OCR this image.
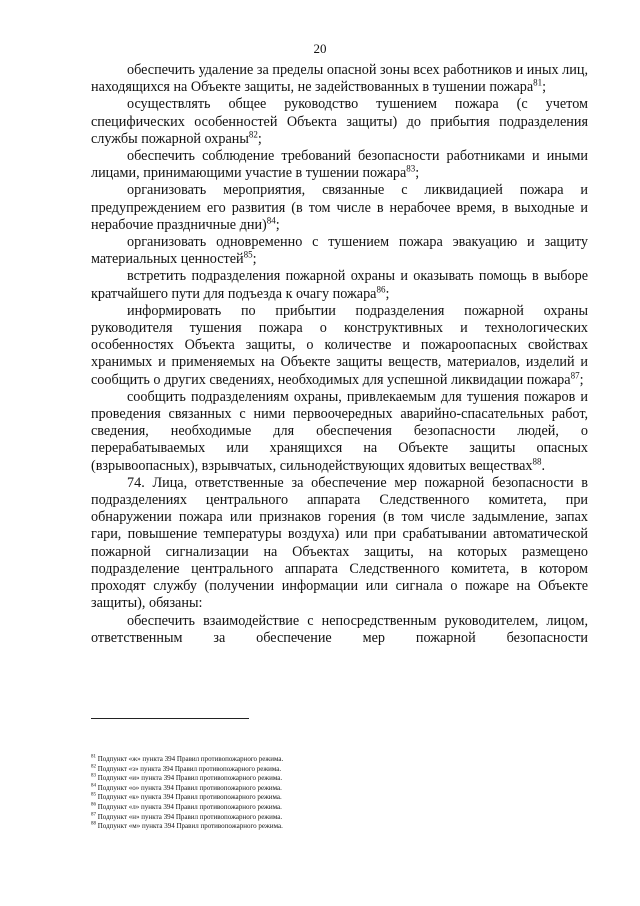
20

обеспечить удаление за пределы опасной зоны всех работников и иных лиц, находящихся на Объекте защиты, не задействованных в тушении пожара$^{81}$;

осуществлять общее руководство тушением пожара (с учетом специфических особенностей Объекта защиты) до прибытия подразделения службы пожарной охраны$^{82}$;

обеспечить соблюдение требований безопасности работниками и иными лицами, принимающими участие в тушении пожара$^{83}$;

организовать мероприятия, связанные с ликвидацией пожара и предупреждением его развития (в том числе в нерабочее время, в выходные и нерабочие праздничные дни)$^{84}$;

организовать одновременно с тушением пожара эвакуацию и защиту материальных ценностей$^{85}$;

встретить подразделения пожарной охраны и оказывать помощь в выборе кратчайшего пути для подъезда к очагу пожара$^{86}$;

информировать по прибытии подразделения пожарной охраны руководителя тушения пожара о конструктивных и технологических особенностях Объекта защиты, о количестве и пожароопасных свойствах хранимых и применяемых на Объекте защиты веществ, материалов, изделий и сообщить о других сведениях, необходимых для успешной ликвидации пожара$^{87}$;

сообщить подразделениям охраны, привлекаемым для тушения пожаров и проведения связанных с ними первоочередных аварийно-спасательных работ, сведения, необходимые для обеспечения безопасности людей, о перерабатываемых или хранящихся на Объекте защиты опасных (взрывоопасных), взрывчатых, сильнодействующих ядовитых веществах$^{88}$.

74. Лица, ответственные за обеспечение мер пожарной безопасности в подразделениях центрального аппарата Следственного комитета, при обнаружении пожара или признаков горения (в том числе задымление, запах гари, повышение температуры воздуха) или при срабатывании автоматической пожарной сигнализации на Объектах защиты, на которых размещено подразделение центрального аппарата Следственного комитета, в котором проходят службу (получении информации или сигнала о пожаре на Объекте защиты), обязаны:

обеспечить взаимодействие с непосредственным руководителем, лицом, ответственным за обеспечение мер пожарной безопасности

$^{81}$ Подпункт «ж» пункта 394 Правил противопожарного режима.
$^{82}$ Подпункт «з» пункта 394 Правил противопожарного режима.
$^{83}$ Подпункт «и» пункта 394 Правил противопожарного режима.
$^{84}$ Подпункт «о» пункта 394 Правил противопожарного режима.
$^{85}$ Подпункт «к» пункта 394 Правил противопожарного режима.
$^{86}$ Подпункт «л» пункта 394 Правил противопожарного режима.
$^{87}$ Подпункт «н» пункта 394 Правил противопожарного режима.
$^{88}$ Подпункт «м» пункта 394 Правил противопожарного режима.
